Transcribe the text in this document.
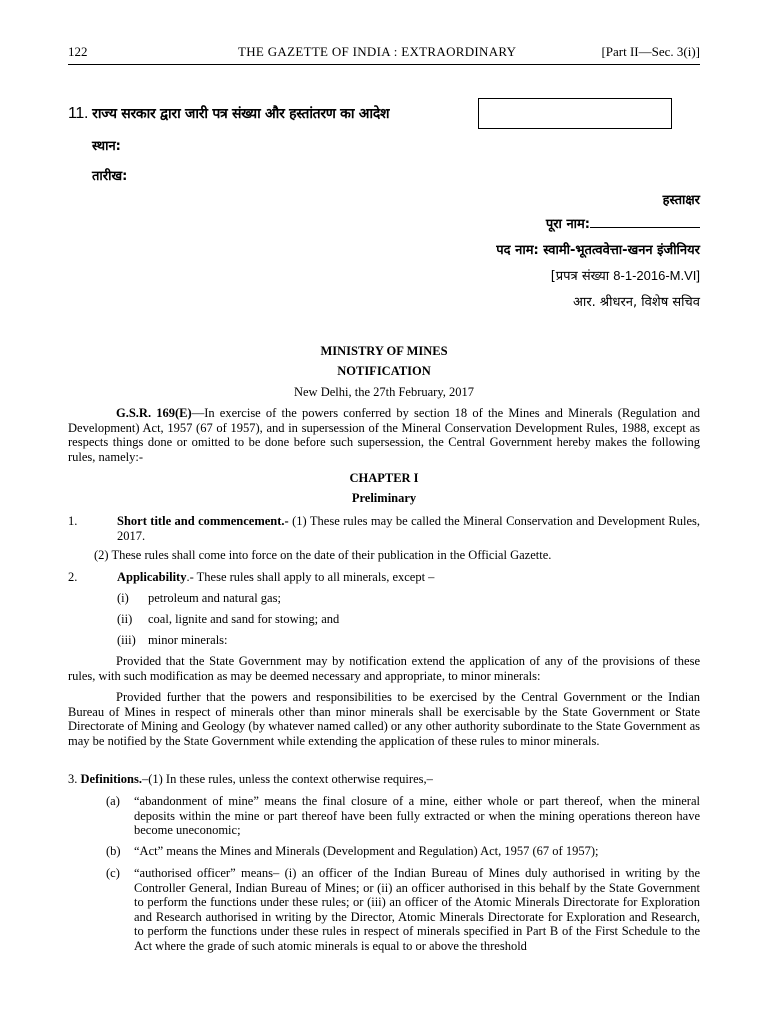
122	THE GAZETTE OF INDIA : EXTRAORDINARY	[Part II—Sec. 3(i)]
11. राज्य सरकार द्वारा जारी पत्र संख्या और हस्तांतरण का आदेश
स्थान:
तारीख:
हस्ताक्षर
पूरा नाम:
पद नाम: स्वामी-भूतत्ववेत्ता-खनन इंजीनियर
[प्रपत्र संख्या 8-1-2016-M.VI]
आर. श्रीधरन, विशेष सचिव
MINISTRY OF MINES
NOTIFICATION
New Delhi, the 27th February, 2017
G.S.R. 169(E)—In exercise of the powers conferred by section 18 of the Mines and Minerals (Regulation and Development) Act, 1957 (67 of 1957), and in supersession of the Mineral Conservation Development Rules, 1988, except as respects things done or omitted to be done before such supersession, the Central Government hereby makes the following rules, namely:-
CHAPTER I
Preliminary
1.	Short title and commencement.- (1) These rules may be called the Mineral Conservation and Development Rules, 2017.
(2) These rules shall come into force on the date of their publication in the Official Gazette.
2.	Applicability.- These rules shall apply to all minerals, except –
(i) petroleum and natural gas;
(ii) coal, lignite and sand for stowing; and
(iii) minor minerals:
Provided that the State Government may by notification extend the application of any of the provisions of these rules, with such modification as may be deemed necessary and appropriate, to minor minerals:
Provided further that the powers and responsibilities to be exercised by the Central Government or the Indian Bureau of Mines in respect of minerals other than minor minerals shall be exercisable by the State Government or State Directorate of Mining and Geology (by whatever named called) or any other authority subordinate to the State Government as may be notified by the State Government while extending the application of these rules to minor minerals.
3. Definitions.–(1) In these rules, unless the context otherwise requires,–
(a) “abandonment of mine” means the final closure of a mine, either whole or part thereof, when the mineral deposits within the mine or part thereof have been fully extracted or when the mining operations thereon have become uneconomic;
(b) “Act” means the Mines and Minerals (Development and Regulation) Act, 1957 (67 of 1957);
(c) “authorised officer” means– (i) an officer of the Indian Bureau of Mines duly authorised in writing by the Controller General, Indian Bureau of Mines; or (ii) an officer authorised in this behalf by the State Government to perform the functions under these rules; or (iii) an officer of the Atomic Minerals Directorate for Exploration and Research authorised in writing by the Director, Atomic Minerals Directorate for Exploration and Research, to perform the functions under these rules in respect of minerals specified in Part B of the First Schedule to the Act where the grade of such atomic minerals is equal to or above the threshold
